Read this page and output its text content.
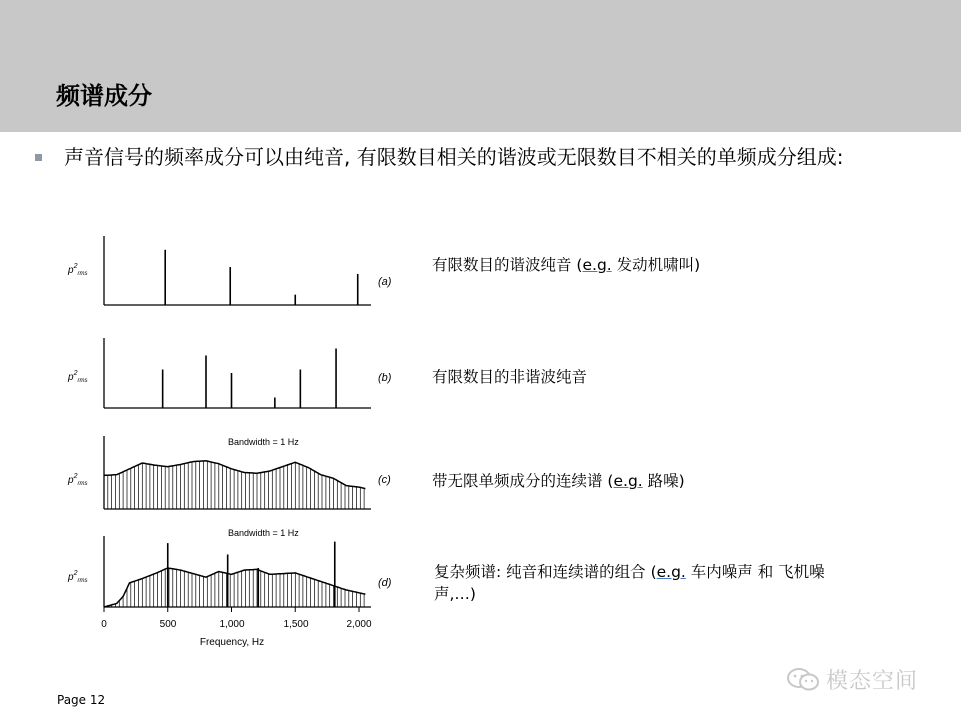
频谱成分
声音信号的频率成分可以由纯音, 有限数目相关的谐波或无限数目不相关的单频成分组成:
$p^2_{rms}$
$p^2_{rms}$
$p^2_{rms}$
$p^2_{rms}$
(a)
(b)
(c)
(d)
Bandwidth = 1 Hz
Bandwidth = 1 Hz
0	500	1,000	1,500	2,000
Frequency, Hz
有限数目的谐波纯音 (e.g. 发动机啸叫)
有限数目的非谐波纯音
带无限单频成分的连续谱 (e.g. 路噪)
复杂频谱: 纯音和连续谱的组合 (e.g. 车内噪声 和 飞机噪声,…)
Page 12
模态空间
